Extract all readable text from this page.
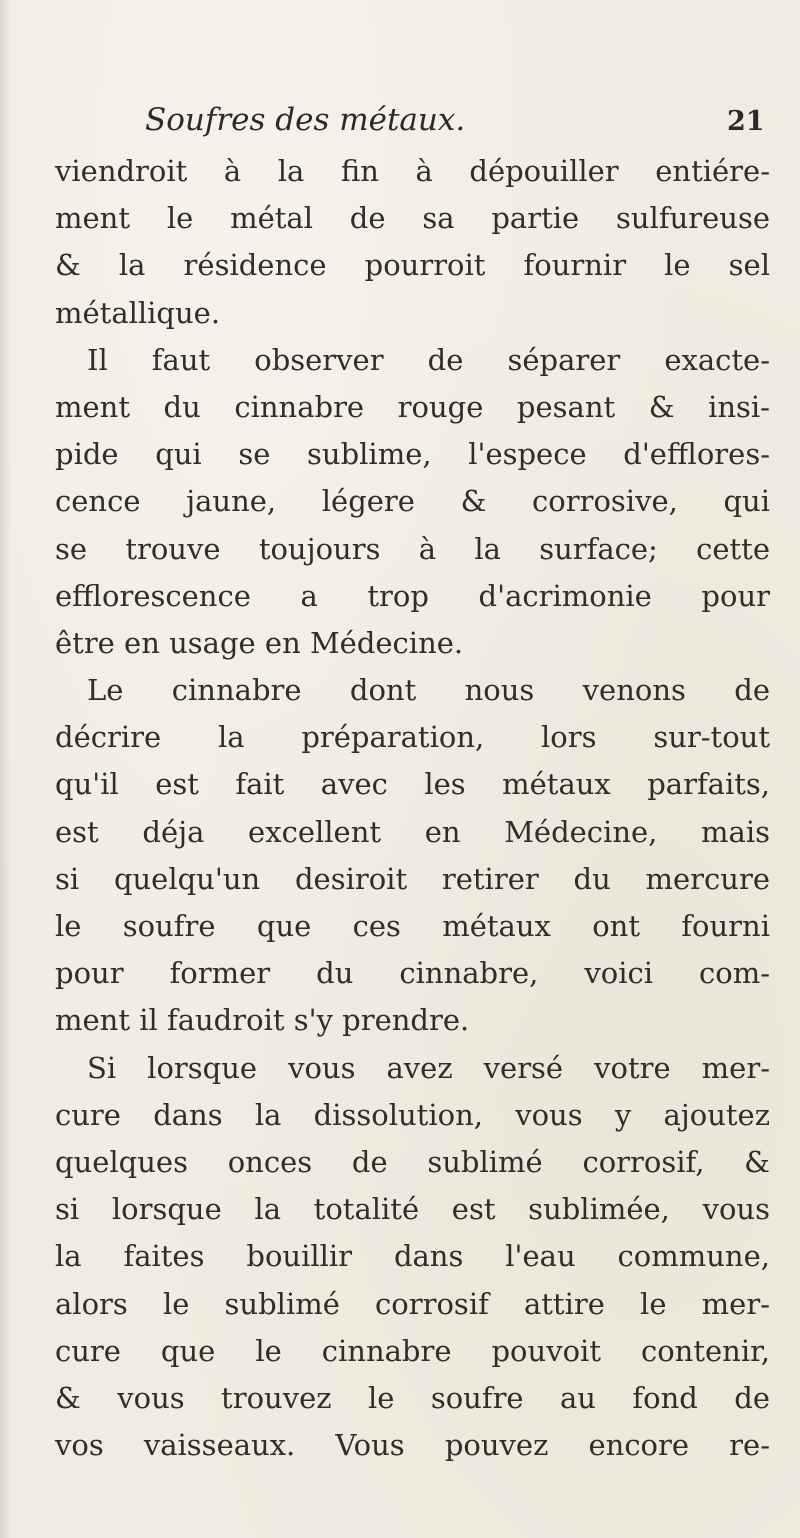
Soufres des métaux.	21
viendroit à la fin à dépouiller entiére-
ment le métal de sa partie sulfureuse
& la résidence pourroit fournir le sel
métallique.
Il faut observer de séparer exacte-
ment du cinnabre rouge pesant & insi-
pide qui se sublime, l'espece d'efflores-
cence jaune, légere & corrosive, qui
se trouve toujours à la surface; cette
efflorescence a trop d'acrimonie pour
être en usage en Médecine.
Le cinnabre dont nous venons de
décrire la préparation, lors sur-tout
qu'il est fait avec les métaux parfaits,
est déja excellent en Médecine, mais
si quelqu'un desiroit retirer du mercure
le soufre que ces métaux ont fourni
pour former du cinnabre, voici com-
ment il faudroit s'y prendre.
Si lorsque vous avez versé votre mer-
cure dans la dissolution, vous y ajoutez
quelques onces de sublimé corrosif, &
si lorsque la totalité est sublimée, vous
la faites bouillir dans l'eau commune,
alors le sublimé corrosif attire le mer-
cure que le cinnabre pouvoit contenir,
& vous trouvez le soufre au fond de
vos vaisseaux. Vous pouvez encore re-
